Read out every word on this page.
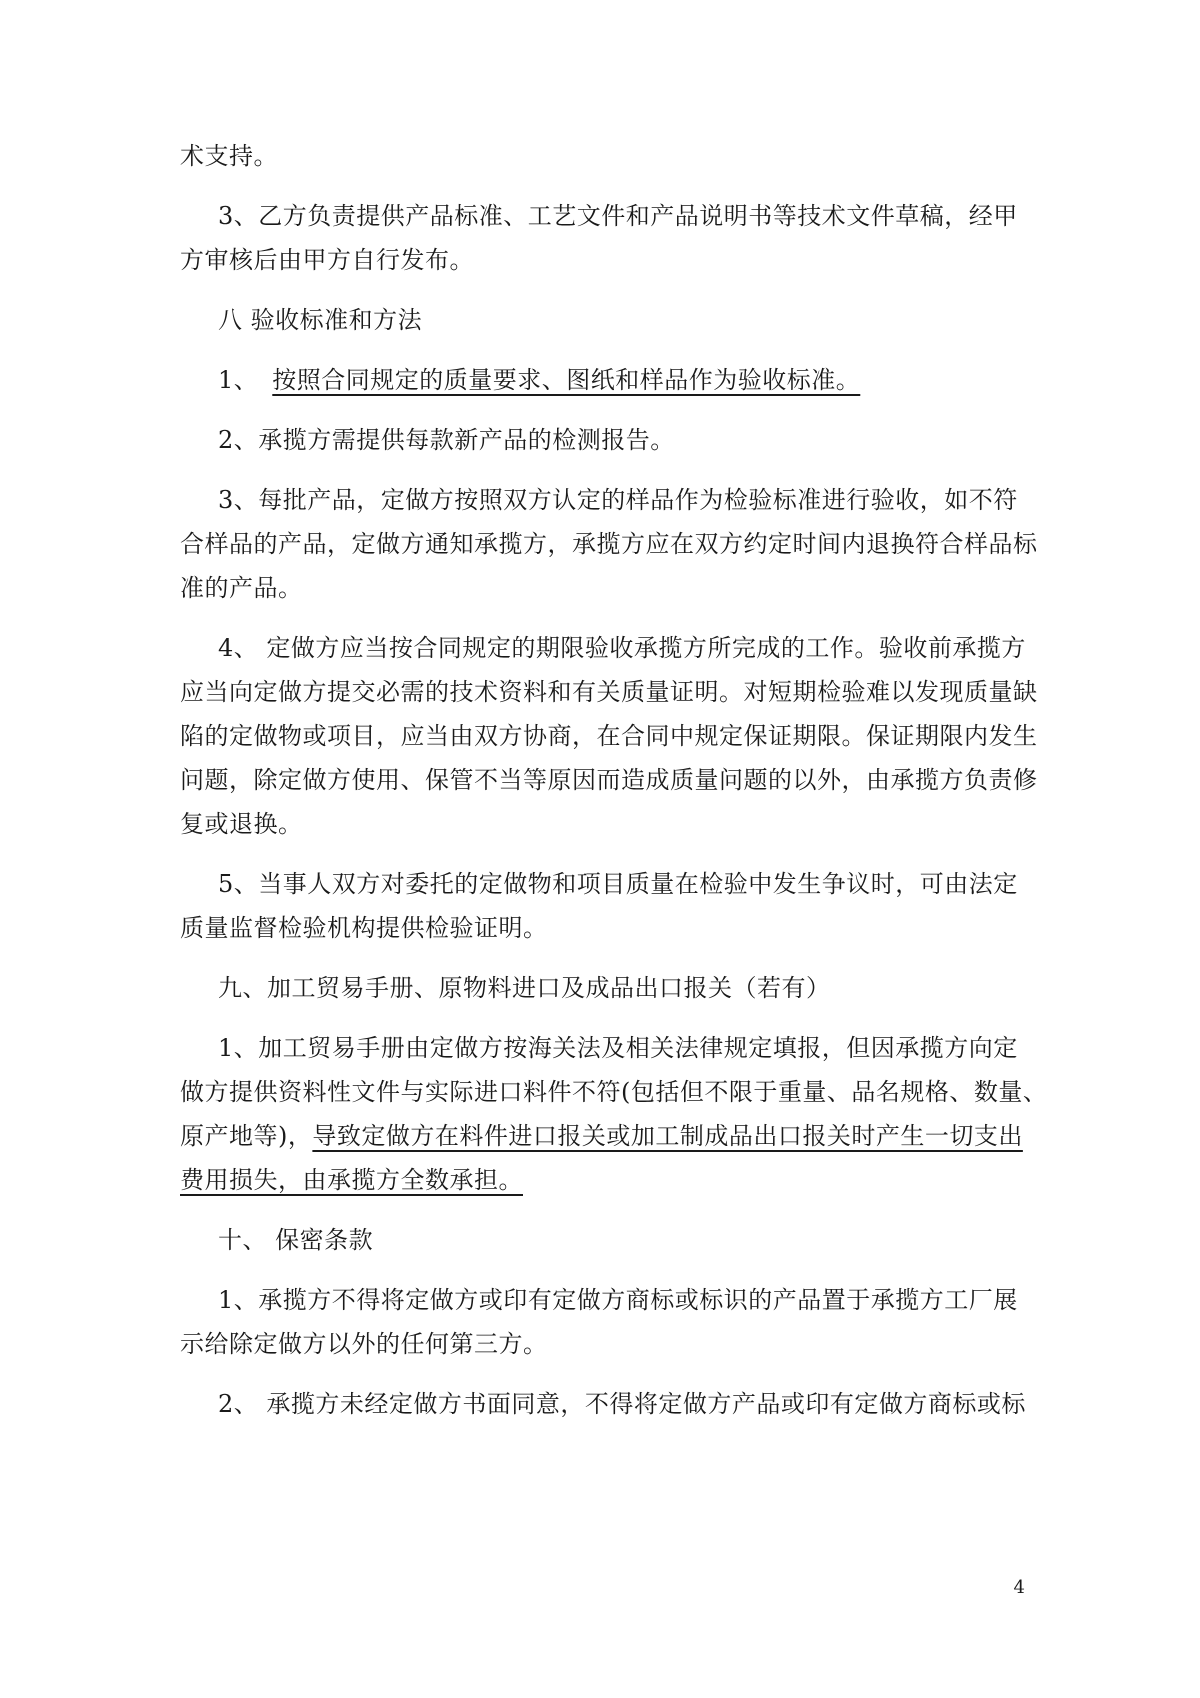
术支持。
3、乙方负责提供产品标准、工艺文件和产品说明书等技术文件草稿，经甲
方审核后由甲方自行发布。
八 验收标准和方法
1、 按照合同规定的质量要求、图纸和样品作为验收标准。
2、承揽方需提供每款新产品的检测报告。
3、每批产品，定做方按照双方认定的样品作为检验标准进行验收，如不符
合样品的产品，定做方通知承揽方，承揽方应在双方约定时间内退换符合样品标
准的产品。
4、 定做方应当按合同规定的期限验收承揽方所完成的工作。验收前承揽方
应当向定做方提交必需的技术资料和有关质量证明。对短期检验难以发现质量缺
陷的定做物或项目，应当由双方协商，在合同中规定保证期限。保证期限内发生
问题，除定做方使用、保管不当等原因而造成质量问题的以外，由承揽方负责修
复或退换。
5、当事人双方对委托的定做物和项目质量在检验中发生争议时，可由法定
质量监督检验机构提供检验证明。
九、加工贸易手册、原物料进口及成品出口报关（若有）
1、加工贸易手册由定做方按海关法及相关法律规定填报，但因承揽方向定
做方提供资料性文件与实际进口料件不符(包括但不限于重量、品名规格、数量、
原产地等)，导致定做方在料件进口报关或加工制成品出口报关时产生一切支出
费用损失，由承揽方全数承担。
十、 保密条款
1、承揽方不得将定做方或印有定做方商标或标识的产品置于承揽方工厂展
示给除定做方以外的任何第三方。
2、 承揽方未经定做方书面同意，不得将定做方产品或印有定做方商标或标
4
